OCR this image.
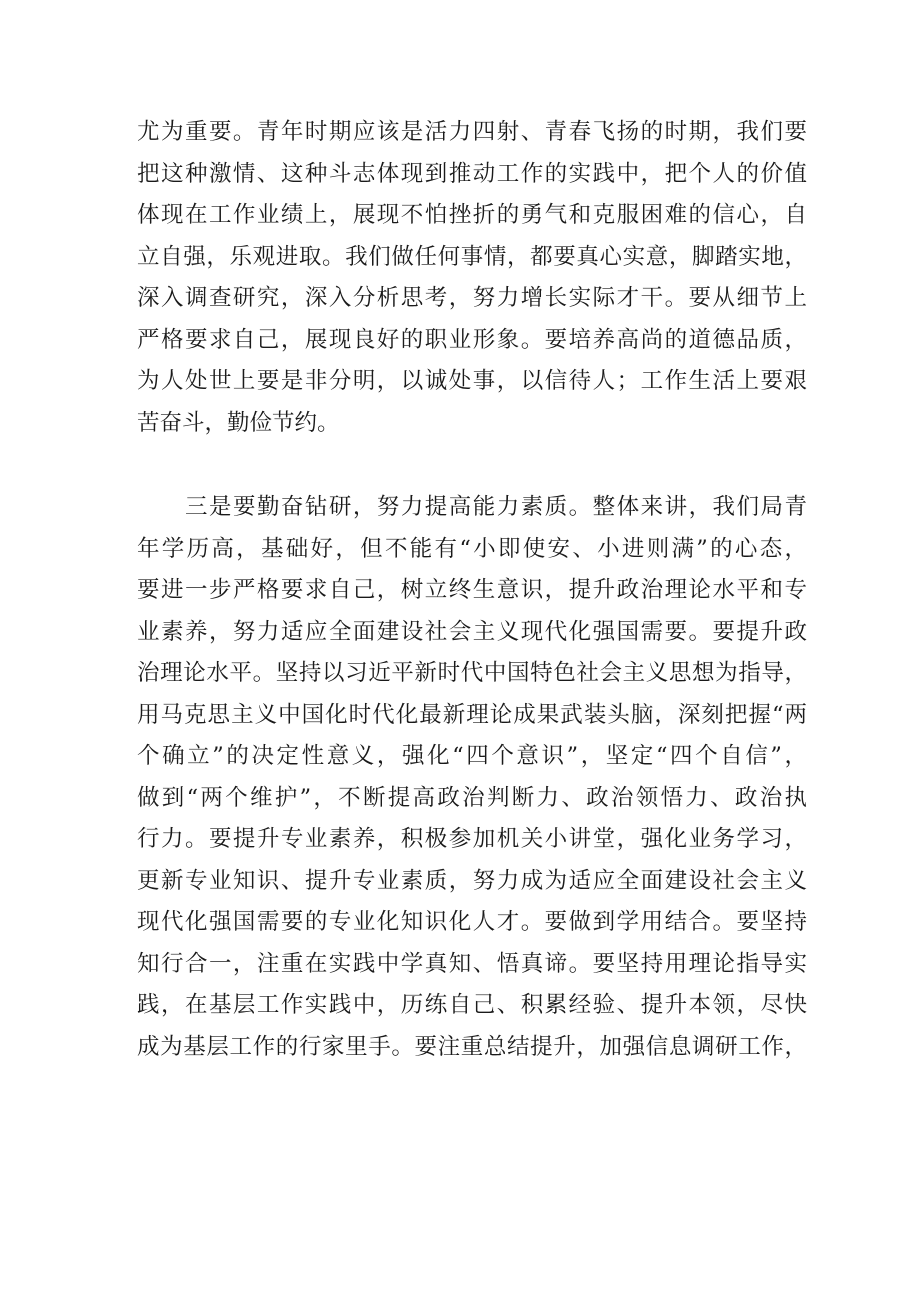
尤为重要。青年时期应该是活力四射、青春飞扬的时期，我们要
把这种激情、这种斗志体现到推动工作的实践中，把个人的价值
体现在工作业绩上，展现不怕挫折的勇气和克服困难的信心，自
立自强，乐观进取。我们做任何事情，都要真心实意，脚踏实地，
深入调查研究，深入分析思考，努力增长实际才干。要从细节上
严格要求自己，展现良好的职业形象。要培养高尚的道德品质，
为人处世上要是非分明，以诚处事，以信待人；工作生活上要艰
苦奋斗，勤俭节约。
三是要勤奋钻研，努力提高能力素质。整体来讲，我们局青
年学历高，基础好，但不能有“小即使安、小进则满”的心态，
要进一步严格要求自己，树立终生意识，提升政治理论水平和专
业素养，努力适应全面建设社会主义现代化强国需要。要提升政
治理论水平。坚持以习近平新时代中国特色社会主义思想为指导，
用马克思主义中国化时代化最新理论成果武装头脑，深刻把握“两
个确立”的决定性意义，强化“四个意识”，坚定“四个自信”，
做到“两个维护”，不断提高政治判断力、政治领悟力、政治执
行力。要提升专业素养，积极参加机关小讲堂，强化业务学习，
更新专业知识、提升专业素质，努力成为适应全面建设社会主义
现代化强国需要的专业化知识化人才。要做到学用结合。要坚持
知行合一，注重在实践中学真知、悟真谛。要坚持用理论指导实
践，在基层工作实践中，历练自己、积累经验、提升本领，尽快
成为基层工作的行家里手。要注重总结提升，加强信息调研工作，
